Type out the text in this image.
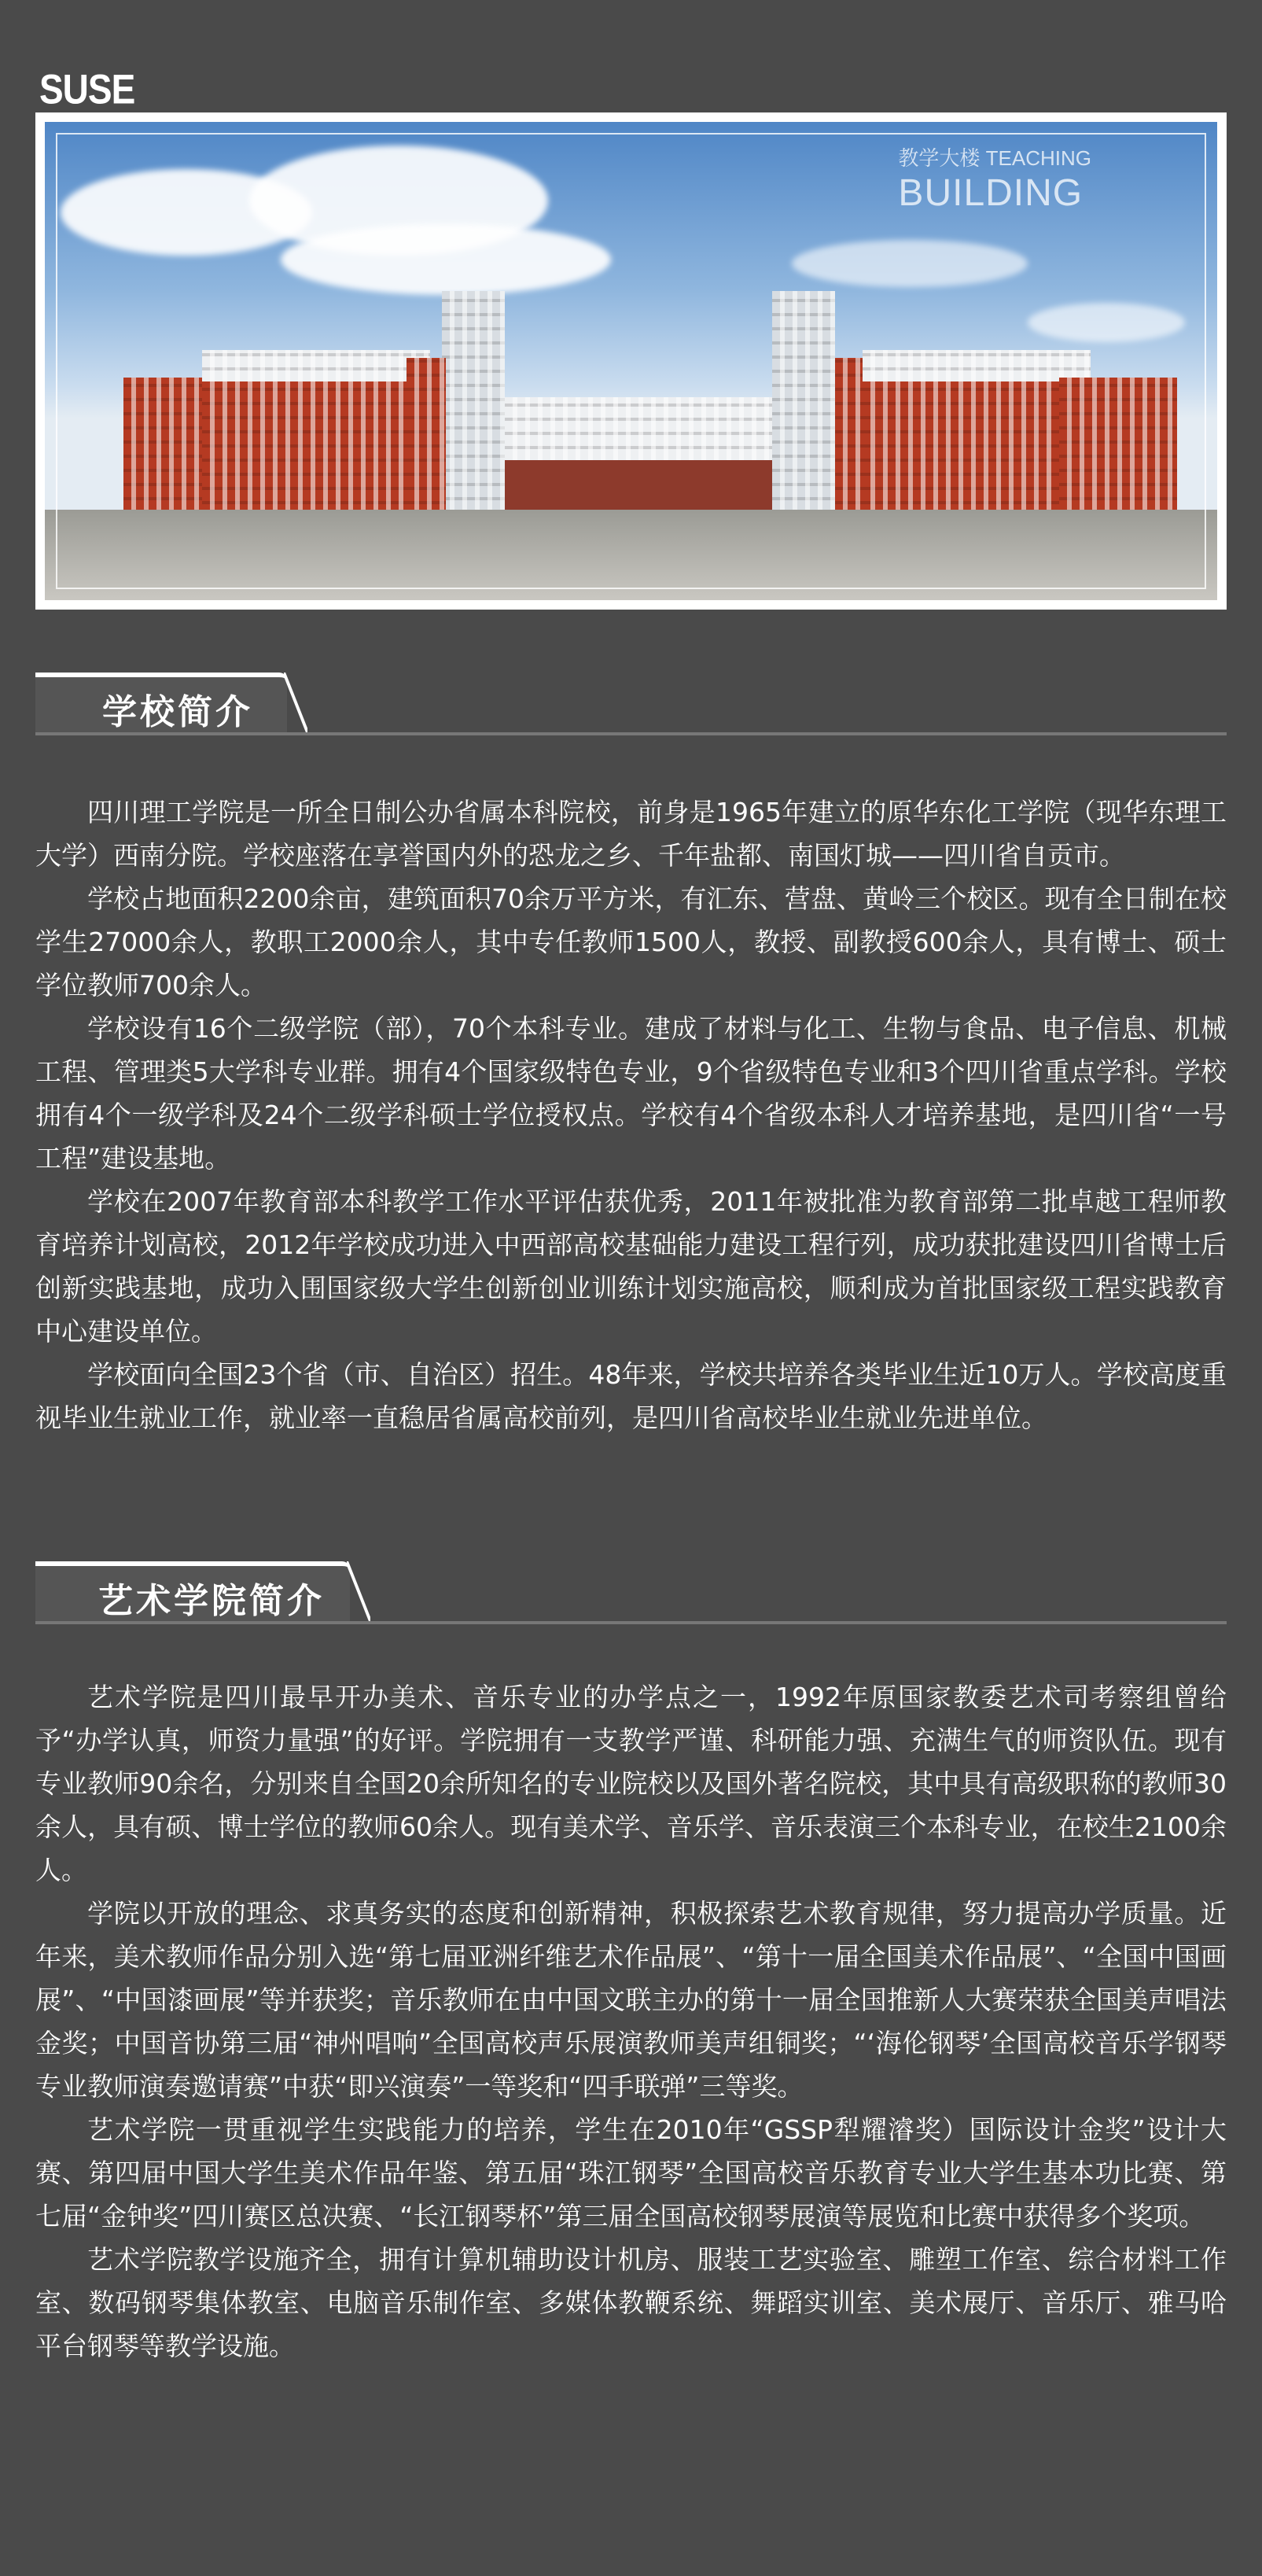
SUSE
教学大楼 TEACHING
BUILDING
学校简介

四川理工学院是一所全日制公办省属本科院校，前身是1965年建立的原华东化工学院（现华东理工大学）西南分院。学校座落在享誉国内外的恐龙之乡、千年盐都、南国灯城——四川省自贡市。

学校占地面积2200余亩，建筑面积70余万平方米，有汇东、营盘、黄岭三个校区。现有全日制在校学生27000余人，教职工2000余人，其中专任教师1500人，教授、副教授600余人，具有博士、硕士学位教师700余人。

学校设有16个二级学院（部），70个本科专业。建成了材料与化工、生物与食品、电子信息、机械工程、管理类5大学科专业群。拥有4个国家级特色专业，9个省级特色专业和3个四川省重点学科。学校拥有4个一级学科及24个二级学科硕士学位授权点。学校有4个省级本科人才培养基地，是四川省“一号工程”建设基地。

学校在2007年教育部本科教学工作水平评估获优秀，2011年被批准为教育部第二批卓越工程师教育培养计划高校，2012年学校成功进入中西部高校基础能力建设工程行列，成功获批建设四川省博士后创新实践基地，成功入围国家级大学生创新创业训练计划实施高校，顺利成为首批国家级工程实践教育中心建设单位。

学校面向全国23个省（市、自治区）招生。48年来，学校共培养各类毕业生近10万人。学校高度重视毕业生就业工作，就业率一直稳居省属高校前列，是四川省高校毕业生就业先进单位。

艺术学院简介

艺术学院是四川最早开办美术、音乐专业的办学点之一，1992年原国家教委艺术司考察组曾给予“办学认真，师资力量强”的好评。学院拥有一支教学严谨、科研能力强、充满生气的师资队伍。现有专业教师90余名，分别来自全国20余所知名的专业院校以及国外著名院校，其中具有高级职称的教师30余人，具有硕、博士学位的教师60余人。现有美术学、音乐学、音乐表演三个本科专业，在校生2100余人。

学院以开放的理念、求真务实的态度和创新精神，积极探索艺术教育规律，努力提高办学质量。近年来，美术教师作品分别入选“第七届亚洲纤维艺术作品展”、“第十一届全国美术作品展”、“全国中国画展”、“中国漆画展”等并获奖；音乐教师在由中国文联主办的第十一届全国推新人大赛荣获全国美声唱法金奖；中国音协第三届“神州唱响”全国高校声乐展演教师美声组铜奖；“‘海伦钢琴’全国高校音乐学钢琴专业教师演奏邀请赛”中获“即兴演奏”一等奖和“四手联弹”三等奖。

艺术学院一贯重视学生实践能力的培养，学生在2010年“GSSP犁耀濬奖）国际设计金奖”设计大赛、第四届中国大学生美术作品年鉴、第五届“珠江钢琴”全国高校音乐教育专业大学生基本功比赛、第七届“金钟奖”四川赛区总决赛、“长江钢琴杯”第三届全国高校钢琴展演等展览和比赛中获得多个奖项。

艺术学院教学设施齐全，拥有计算机辅助设计机房、服装工艺实验室、雕塑工作室、综合材料工作室、数码钢琴集体教室、电脑音乐制作室、多媒体教鞭系统、舞蹈实训室、美术展厅、音乐厅、雅马哈平台钢琴等教学设施。
